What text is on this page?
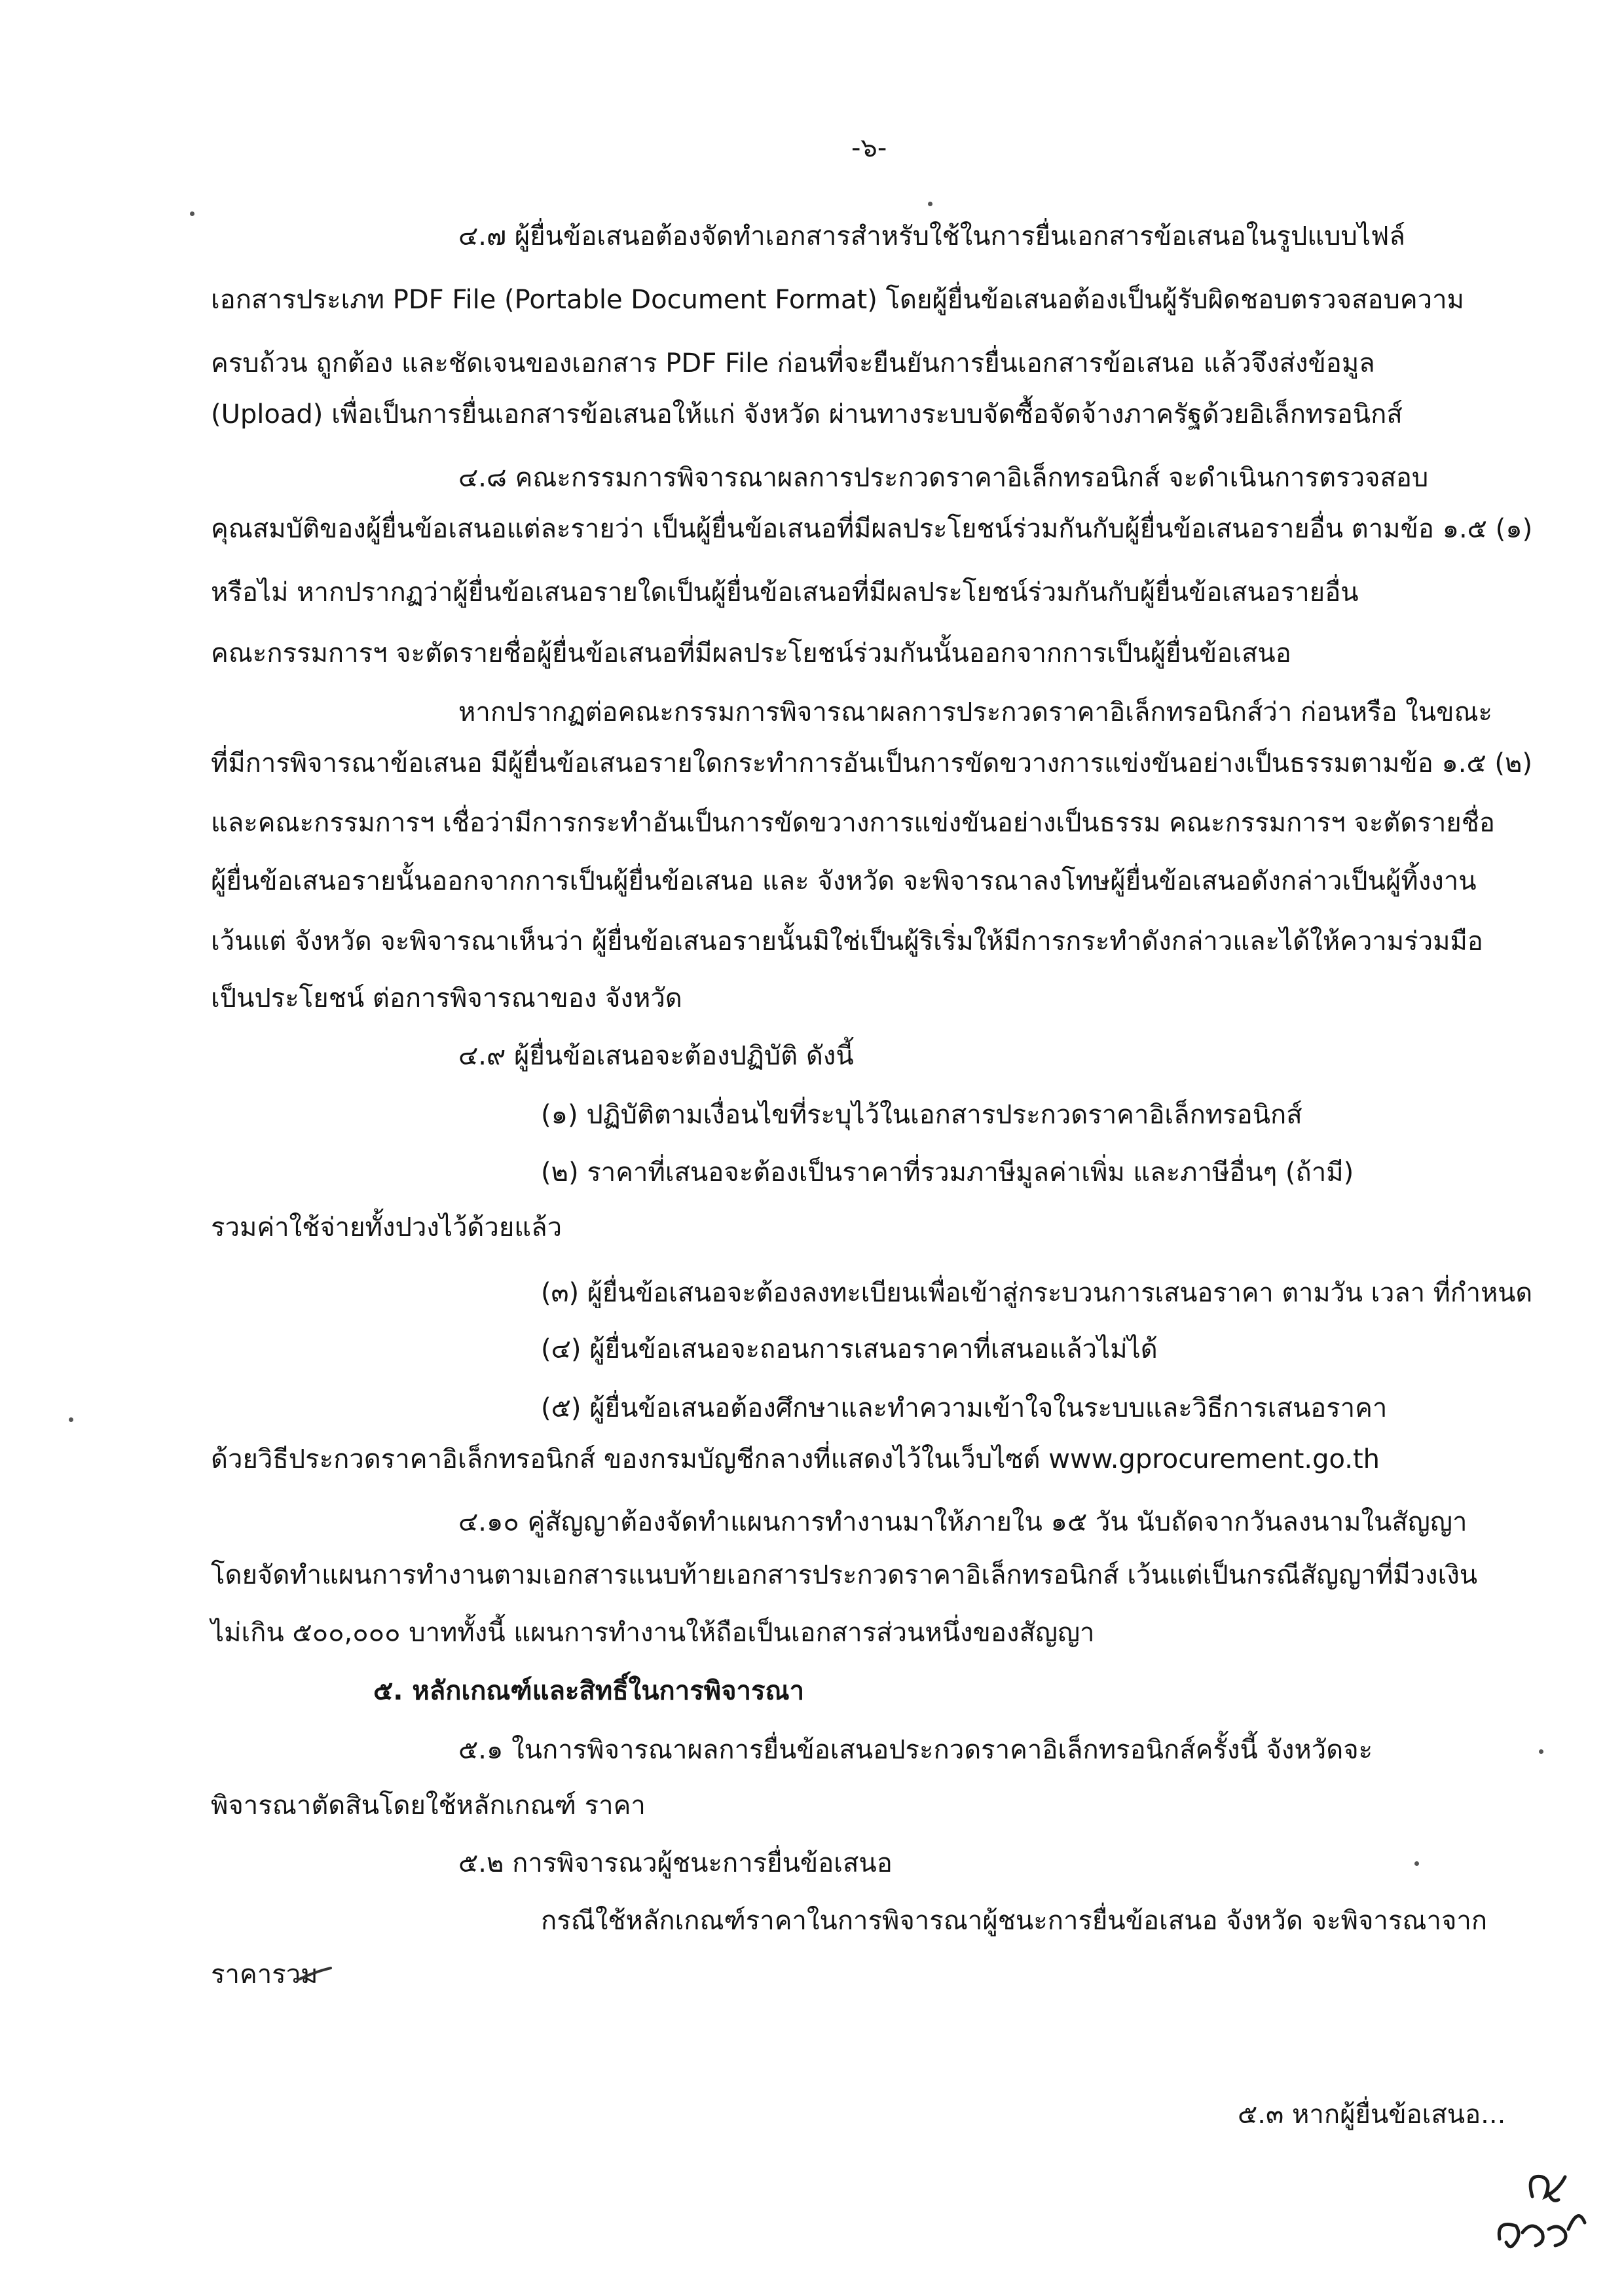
-๖-
๔.๗ ผู้ยื่นข้อเสนอต้องจัดทำเอกสารสำหรับใช้ในการยื่นเอกสารข้อเสนอในรูปแบบไฟล์
เอกสารประเภท PDF File (Portable Document Format) โดยผู้ยื่นข้อเสนอต้องเป็นผู้รับผิดชอบตรวจสอบความ
ครบถ้วน ถูกต้อง และชัดเจนของเอกสาร PDF File ก่อนที่จะยืนยันการยื่นเอกสารข้อเสนอ แล้วจึงส่งข้อมูล
(Upload) เพื่อเป็นการยื่นเอกสารข้อเสนอให้แก่ จังหวัด ผ่านทางระบบจัดซื้อจัดจ้างภาครัฐด้วยอิเล็กทรอนิกส์
๔.๘ คณะกรรมการพิจารณาผลการประกวดราคาอิเล็กทรอนิกส์ จะดำเนินการตรวจสอบ
คุณสมบัติของผู้ยื่นข้อเสนอแต่ละรายว่า เป็นผู้ยื่นข้อเสนอที่มีผลประโยชน์ร่วมกันกับผู้ยื่นข้อเสนอรายอื่น ตามข้อ ๑.๕ (๑)
หรือไม่ หากปรากฏว่าผู้ยื่นข้อเสนอรายใดเป็นผู้ยื่นข้อเสนอที่มีผลประโยชน์ร่วมกันกับผู้ยื่นข้อเสนอรายอื่น
คณะกรรมการฯ จะตัดรายชื่อผู้ยื่นข้อเสนอที่มีผลประโยชน์ร่วมกันนั้นออกจากการเป็นผู้ยื่นข้อเสนอ
หากปรากฏต่อคณะกรรมการพิจารณาผลการประกวดราคาอิเล็กทรอนิกส์ว่า ก่อนหรือ ในขณะ
ที่มีการพิจารณาข้อเสนอ มีผู้ยื่นข้อเสนอรายใดกระทำการอันเป็นการขัดขวางการแข่งขันอย่างเป็นธรรมตามข้อ ๑.๕ (๒)
และคณะกรรมการฯ เชื่อว่ามีการกระทำอันเป็นการขัดขวางการแข่งขันอย่างเป็นธรรม คณะกรรมการฯ จะตัดรายชื่อ
ผู้ยื่นข้อเสนอรายนั้นออกจากการเป็นผู้ยื่นข้อเสนอ และ จังหวัด จะพิจารณาลงโทษผู้ยื่นข้อเสนอดังกล่าวเป็นผู้ทิ้งงาน
เว้นแต่ จังหวัด จะพิจารณาเห็นว่า ผู้ยื่นข้อเสนอรายนั้นมิใช่เป็นผู้ริเริ่มให้มีการกระทำดังกล่าวและได้ให้ความร่วมมือ
เป็นประโยชน์ ต่อการพิจารณาของ จังหวัด
๔.๙ ผู้ยื่นข้อเสนอจะต้องปฏิบัติ ดังนี้
(๑) ปฏิบัติตามเงื่อนไขที่ระบุไว้ในเอกสารประกวดราคาอิเล็กทรอนิกส์
(๒) ราคาที่เสนอจะต้องเป็นราคาที่รวมภาษีมูลค่าเพิ่ม และภาษีอื่นๆ (ถ้ามี)
รวมค่าใช้จ่ายทั้งปวงไว้ด้วยแล้ว
(๓) ผู้ยื่นข้อเสนอจะต้องลงทะเบียนเพื่อเข้าสู่กระบวนการเสนอราคา ตามวัน เวลา ที่กำหนด
(๔) ผู้ยื่นข้อเสนอจะถอนการเสนอราคาที่เสนอแล้วไม่ได้
(๕) ผู้ยื่นข้อเสนอต้องศึกษาและทำความเข้าใจในระบบและวิธีการเสนอราคา
ด้วยวิธีประกวดราคาอิเล็กทรอนิกส์ ของกรมบัญชีกลางที่แสดงไว้ในเว็บไซต์ www.gprocurement.go.th
๔.๑๐ คู่สัญญาต้องจัดทำแผนการทำงานมาให้ภายใน ๑๕ วัน นับถัดจากวันลงนามในสัญญา
โดยจัดทำแผนการทำงานตามเอกสารแนบท้ายเอกสารประกวดราคาอิเล็กทรอนิกส์ เว้นแต่เป็นกรณีสัญญาที่มีวงเงิน
ไม่เกิน ๕๐๐,๐๐๐ บาททั้งนี้ แผนการทำงานให้ถือเป็นเอกสารส่วนหนึ่งของสัญญา
๕. หลักเกณฑ์และสิทธิ์ในการพิจารณา
๕.๑ ในการพิจารณาผลการยื่นข้อเสนอประกวดราคาอิเล็กทรอนิกส์ครั้งนี้ จังหวัดจะ
พิจารณาตัดสินโดยใช้หลักเกณฑ์ ราคา
๕.๒ การพิจารณวผู้ชนะการยื่นข้อเสนอ
กรณีใช้หลักเกณฑ์ราคาในการพิจารณาผู้ชนะการยื่นข้อเสนอ จังหวัด จะพิจารณาจาก
ราคารวม
๕.๓ หากผู้ยื่นข้อเสนอ...
